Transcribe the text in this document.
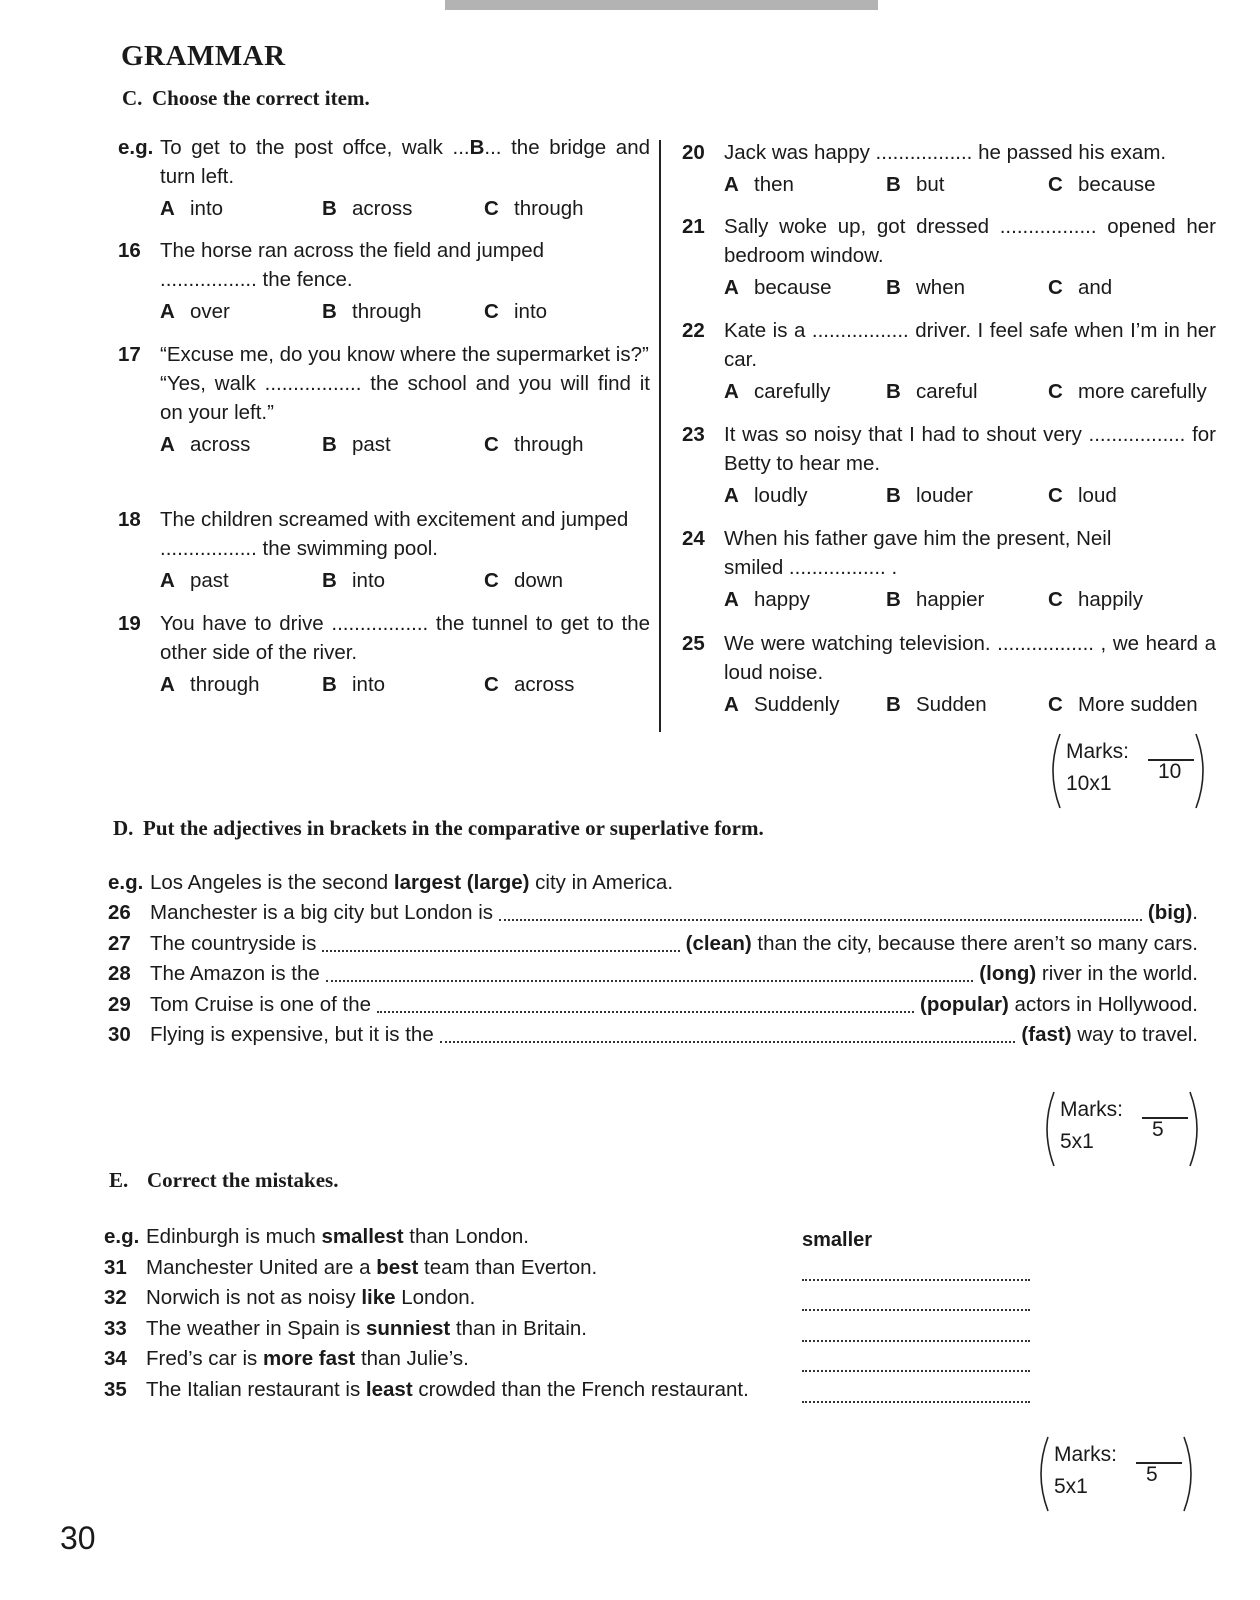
GRAMMAR
C. Choose the correct item.
D. Put the adjectives in brackets in the comparative or superlative form.
E. Correct the mistakes.
30
e.g. To get to the post offce, walk ...B... the bridge and turn left.
A into	B across	C through
16 The horse ran across the field and jumped
................. the fence.
A over	B through	C into
17 “Excuse me, do you know where the supermarket is?”
“Yes, walk ................. the school and you will find it on your left.”
A across	B past	C through
18 The children screamed with excitement and jumped
................. the swimming pool.
A past	B into	C down
19 You have to drive ................. the tunnel to get to the other side of the river.
A through	B into	C across
20 Jack was happy ................. he passed his exam.
A then	B but	C because
21 Sally woke up, got dressed ................. opened her bedroom window.
A because	B when	C and
22 Kate is a ................. driver. I feel safe when I’m in her car.
A carefully	B careful	C more carefully
23 It was so noisy that I had to shout very ................. for Betty to hear me.
A loudly	B louder	C loud
24 When his father gave him the present, Neil
smiled ................. .
A happy	B happier	C happily
25 We were watching television. ................. , we heard a loud noise.
A Suddenly	B Sudden	C More sudden
e.g. Los Angeles is the second largest (large) city in America.
26 Manchester is a big city but London is	(big) .
27 The countryside is	(clean) than the city, because there aren’t so many cars.
28 The Amazon is the	(long) river in the world.
29 Tom Cruise is one of the	(popular) actors in Hollywood.
30 Flying is expensive, but it is the	(fast) way to travel.
e.g. Edinburgh is much smallest than London.	smaller
31 Manchester United are a best team than Everton.
32 Norwich is not as noisy like London.
33 The weather in Spain is sunniest than in Britain.
34 Fred’s car is more fast than Julie’s.
35 The Italian restaurant is least crowded than the French restaurant.
Marks:
10x1
10
Marks:
5x1
5
Marks:
5x1
5
